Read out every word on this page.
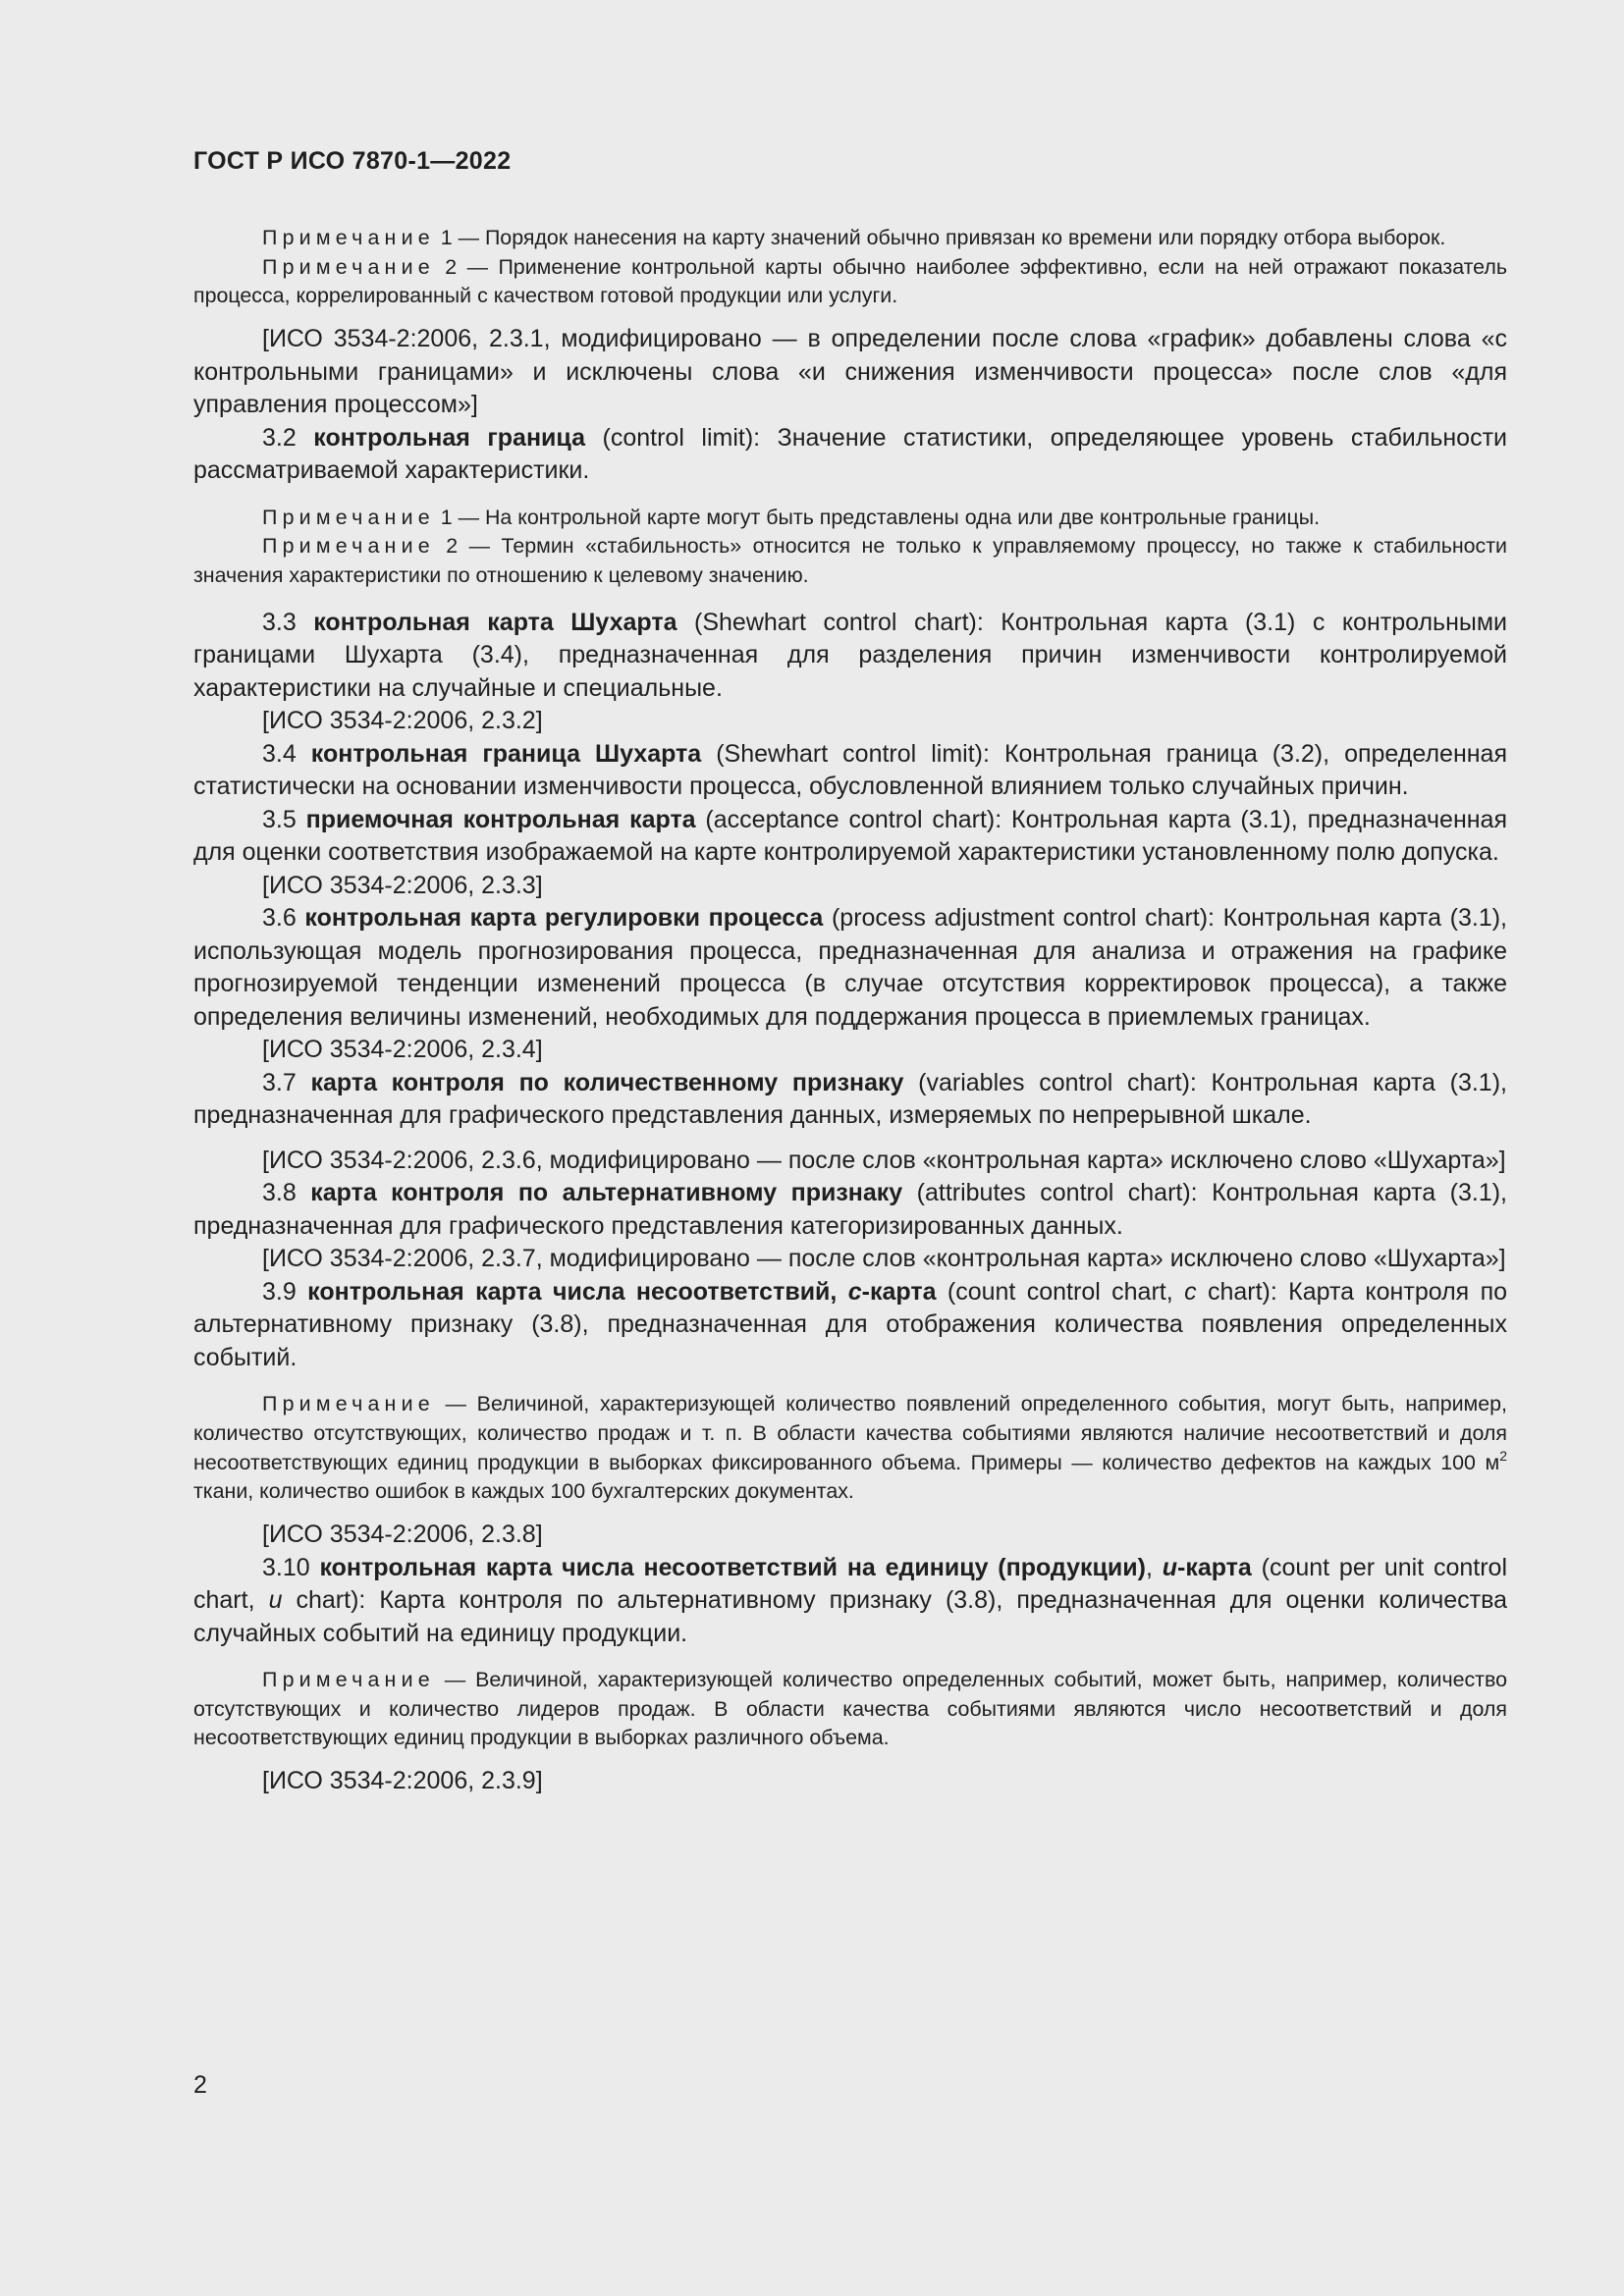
ГОСТ Р ИСО 7870-1—2022

Примечание 1 — Порядок нанесения на карту значений обычно привязан ко времени или порядку отбора выборок.

Примечание 2 — Применение контрольной карты обычно наиболее эффективно, если на ней отражают показатель процесса, коррелированный с качеством готовой продукции или услуги.

[ИСО 3534-2:2006, 2.3.1, модифицировано — в определении после слова «график» добавлены слова «с контрольными границами» и исключены слова «и снижения изменчивости процесса» после слов «для управления процессом»]

3.2 контрольная граница (control limit): Значение статистики, определяющее уровень стабильности рассматриваемой характеристики.

Примечание 1 — На контрольной карте могут быть представлены одна или две контрольные границы.

Примечание 2 — Термин «стабильность» относится не только к управляемому процессу, но также к стабильности значения характеристики по отношению к целевому значению.

3.3 контрольная карта Шухарта (Shewhart control chart): Контрольная карта (3.1) с контрольными границами Шухарта (3.4), предназначенная для разделения причин изменчивости контролируемой характеристики на случайные и специальные.

[ИСО 3534-2:2006, 2.3.2]

3.4 контрольная граница Шухарта (Shewhart control limit): Контрольная граница (3.2), определенная статистически на основании изменчивости процесса, обусловленной влиянием только случайных причин.

3.5 приемочная контрольная карта (acceptance control chart): Контрольная карта (3.1), предназначенная для оценки соответствия изображаемой на карте контролируемой характеристики установленному полю допуска.

[ИСО 3534-2:2006, 2.3.3]

3.6 контрольная карта регулировки процесса (process adjustment control chart): Контрольная карта (3.1), использующая модель прогнозирования процесса, предназначенная для анализа и отражения на графике прогнозируемой тенденции изменений процесса (в случае отсутствия корректировок процесса), а также определения величины изменений, необходимых для поддержания процесса в приемлемых границах.

[ИСО 3534-2:2006, 2.3.4]

3.7 карта контроля по количественному признаку (variables control chart): Контрольная карта (3.1), предназначенная для графического представления данных, измеряемых по непрерывной шкале.

[ИСО 3534-2:2006, 2.3.6, модифицировано — после слов «контрольная карта» исключено слово «Шухарта»]

3.8 карта контроля по альтернативному признаку (attributes control chart): Контрольная карта (3.1), предназначенная для графического представления категоризированных данных.

[ИСО 3534-2:2006, 2.3.7, модифицировано — после слов «контрольная карта» исключено слово «Шухарта»]

3.9 контрольная карта числа несоответствий, с-карта (count control chart, c chart): Карта контроля по альтернативному признаку (3.8), предназначенная для отображения количества появления определенных событий.

Примечание — Величиной, характеризующей количество появлений определенного события, могут быть, например, количество отсутствующих, количество продаж и т. п. В области качества событиями являются наличие несоответствий и доля несоответствующих единиц продукции в выборках фиксированного объема. Примеры — количество дефектов на каждых 100 $м^2$ ткани, количество ошибок в каждых 100 бухгалтерских документах.

[ИСО 3534-2:2006, 2.3.8]

3.10 контрольная карта числа несоответствий на единицу (продукции), u-карта (count per unit control chart, u chart): Карта контроля по альтернативному признаку (3.8), предназначенная для оценки количества случайных событий на единицу продукции.

Примечание — Величиной, характеризующей количество определенных событий, может быть, например, количество отсутствующих и количество лидеров продаж. В области качества событиями являются число несоответствий и доля несоответствующих единиц продукции в выборках различного объема.

[ИСО 3534-2:2006, 2.3.9]

2
